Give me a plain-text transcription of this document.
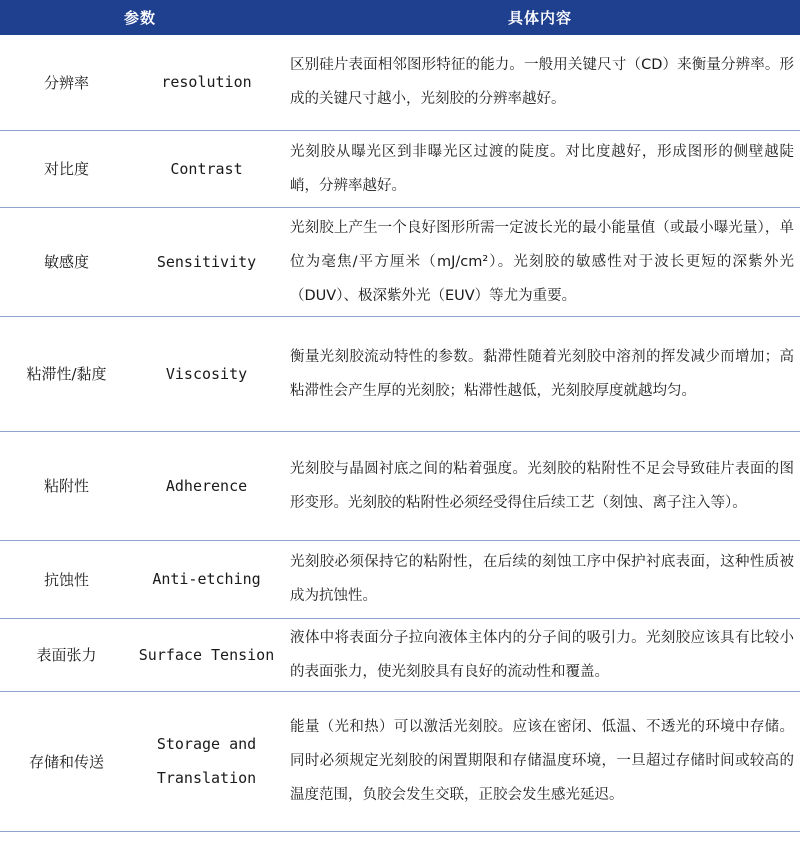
参数		具体内容
分辨率	resolution	区别硅片表面相邻图形特征的能力。一般用关键尺寸（CD）来衡量分辨率。形成的关键尺寸越小，光刻胶的分辨率越好。
对比度	Contrast	光刻胶从曝光区到非曝光区过渡的陡度。对比度越好，形成图形的侧壁越陡峭，分辨率越好。
敏感度	Sensitivity	光刻胶上产生一个良好图形所需一定波长光的最小能量值（或最小曝光量），单位为毫焦/平方厘米（mJ/cm²）。光刻胶的敏感性对于波长更短的深紫外光（DUV）、极深紫外光（EUV）等尤为重要。
粘滞性/黏度	Viscosity	衡量光刻胶流动特性的参数。黏滞性随着光刻胶中溶剂的挥发减少而增加；高粘滞性会产生厚的光刻胶；粘滞性越低，光刻胶厚度就越均匀。
粘附性	Adherence	光刻胶与晶圆衬底之间的粘着强度。光刻胶的粘附性不足会导致硅片表面的图形变形。光刻胶的粘附性必须经受得住后续工艺（刻蚀、离子注入等）。
抗蚀性	Anti-etching	光刻胶必须保持它的粘附性，在后续的刻蚀工序中保护衬底表面，这种性质被成为抗蚀性。
表面张力	Surface Tension	液体中将表面分子拉向液体主体内的分子间的吸引力。光刻胶应该具有比较小的表面张力，使光刻胶具有良好的流动性和覆盖。
存储和传送	Storage and Translation	能量（光和热）可以激活光刻胶。应该在密闭、低温、不透光的环境中存储。同时必须规定光刻胶的闲置期限和存储温度环境，一旦超过存储时间或较高的温度范围，负胶会发生交联，正胶会发生感光延迟。
